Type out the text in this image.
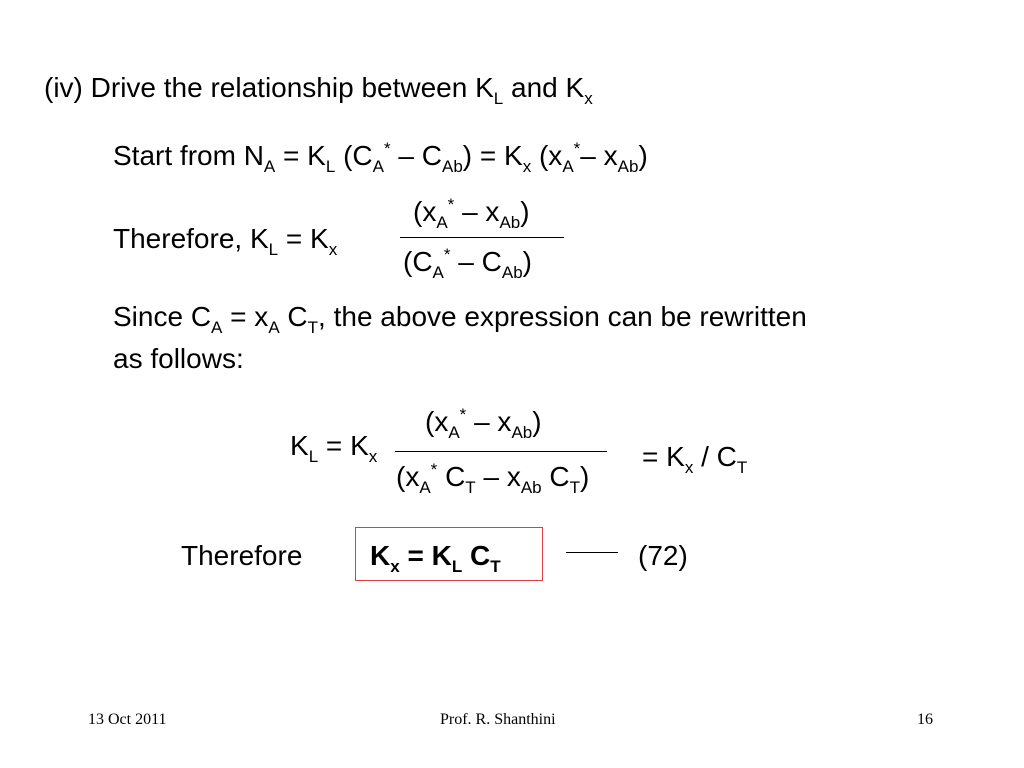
(iv) Drive the relationship between $K_L$ and $K_x$
Start from $N_A = K_L$ $(C_A^* - C_{Ab}) = K_x$ ($x_A^*-$ $x_{Ab}$)
Therefore, $K_L = K_x$
$(x_A^* - x_{Ab})$
$(C_A^* - C_{Ab})$
Since $C_A = x_A$ $C_T$, the above expression can be rewritten
as follows:
$K_L = K_x$
$(x_A^* - x_{Ab})$
($x_A^*$ $C_T - x_{Ab}$ $C_T$)
= $K_x / C_T$
Therefore $K_x = K_L$ $C_T$	(72)
13 Oct 2011	Prof. R. Shanthini	16
